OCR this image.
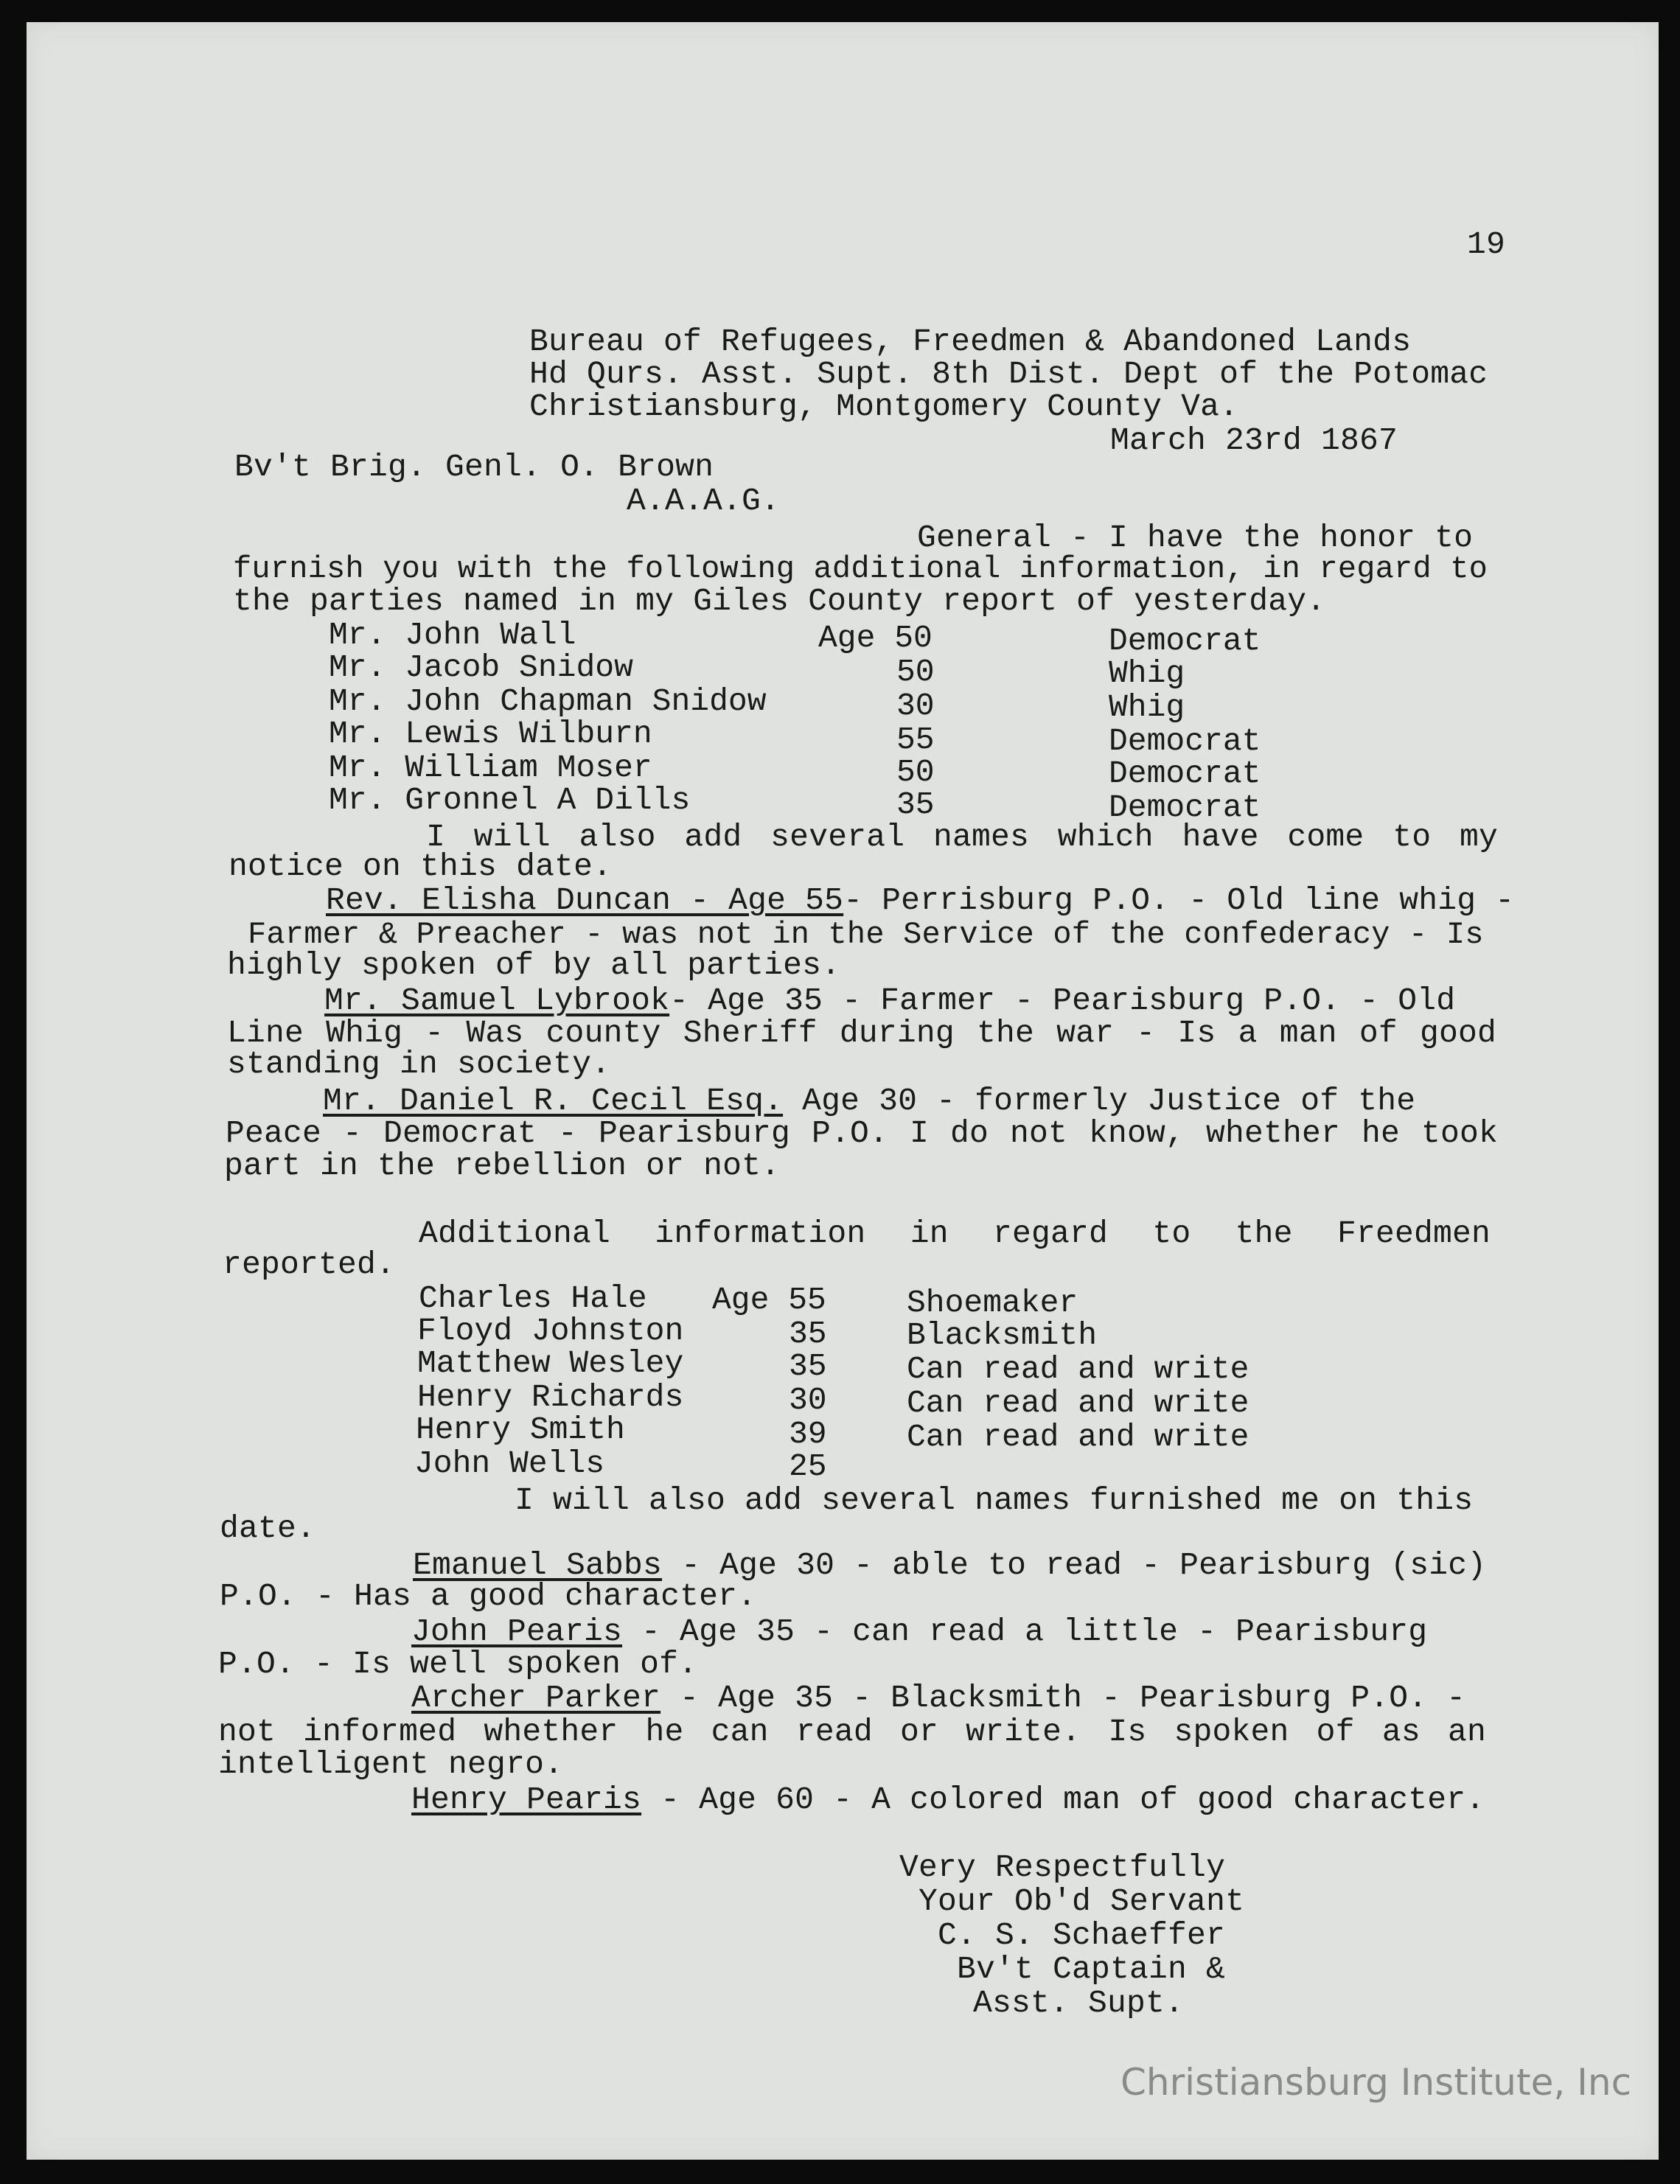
19
Bureau of Refugees, Freedmen & Abandoned Lands
Hd Qurs. Asst. Supt. 8th Dist. Dept of the Potomac
Christiansburg, Montgomery County Va.
March 23rd 1867
Bv't Brig. Genl. O. Brown
A.A.A.G.
General - I have the honor to
furnish you with the following additional information, in regard to
the parties named in my Giles County report of yesterday.
Mr. John Wall	Age 50	Democrat
Mr. Jacob Snidow	50	Whig
Mr. John Chapman Snidow	30	Whig
Mr. Lewis Wilburn	55	Democrat
Mr. William Moser	50	Democrat
Mr. Gronnel A Dills	35	Democrat
I will also add several names which have come to my
notice on this date.
Rev. Elisha Duncan - Age 55- Perrisburg P.O. - Old line whig -
Farmer & Preacher - was not in the Service of the confederacy - Is
highly spoken of by all parties.
Mr. Samuel Lybrook- Age 35 - Farmer - Pearisburg P.O. - Old
Line Whig - Was county Sheriff during the war - Is a man of good
standing in society.
Mr. Daniel R. Cecil Esq. Age 30 - formerly Justice of the
Peace - Democrat - Pearisburg P.O. I do not know, whether he took
part in the rebellion or not.
Additional information in regard to the Freedmen
reported.
Charles Hale Age 55	Shoemaker
Floyd Johnston	35	Blacksmith
Matthew Wesley	35	Can read and write
Henry Richards	30	Can read and write
Henry Smith	39	Can read and write
John Wells	25
I will also add several names furnished me on this
date.
Emanuel Sabbs - Age 30 - able to read - Pearisburg (sic)
P.O. - Has a good character.
John Pearis - Age 35 - can read a little - Pearisburg
P.O. - Is well spoken of.
Archer Parker - Age 35 - Blacksmith - Pearisburg P.O. -
not informed whether he can read or write. Is spoken of as an
intelligent negro.
Henry Pearis - Age 60 - A colored man of good character.
Very Respectfully
Your Ob'd Servant
C. S. Schaeffer
Bv't Captain &
Asst. Supt.
Christiansburg Institute, Inc
